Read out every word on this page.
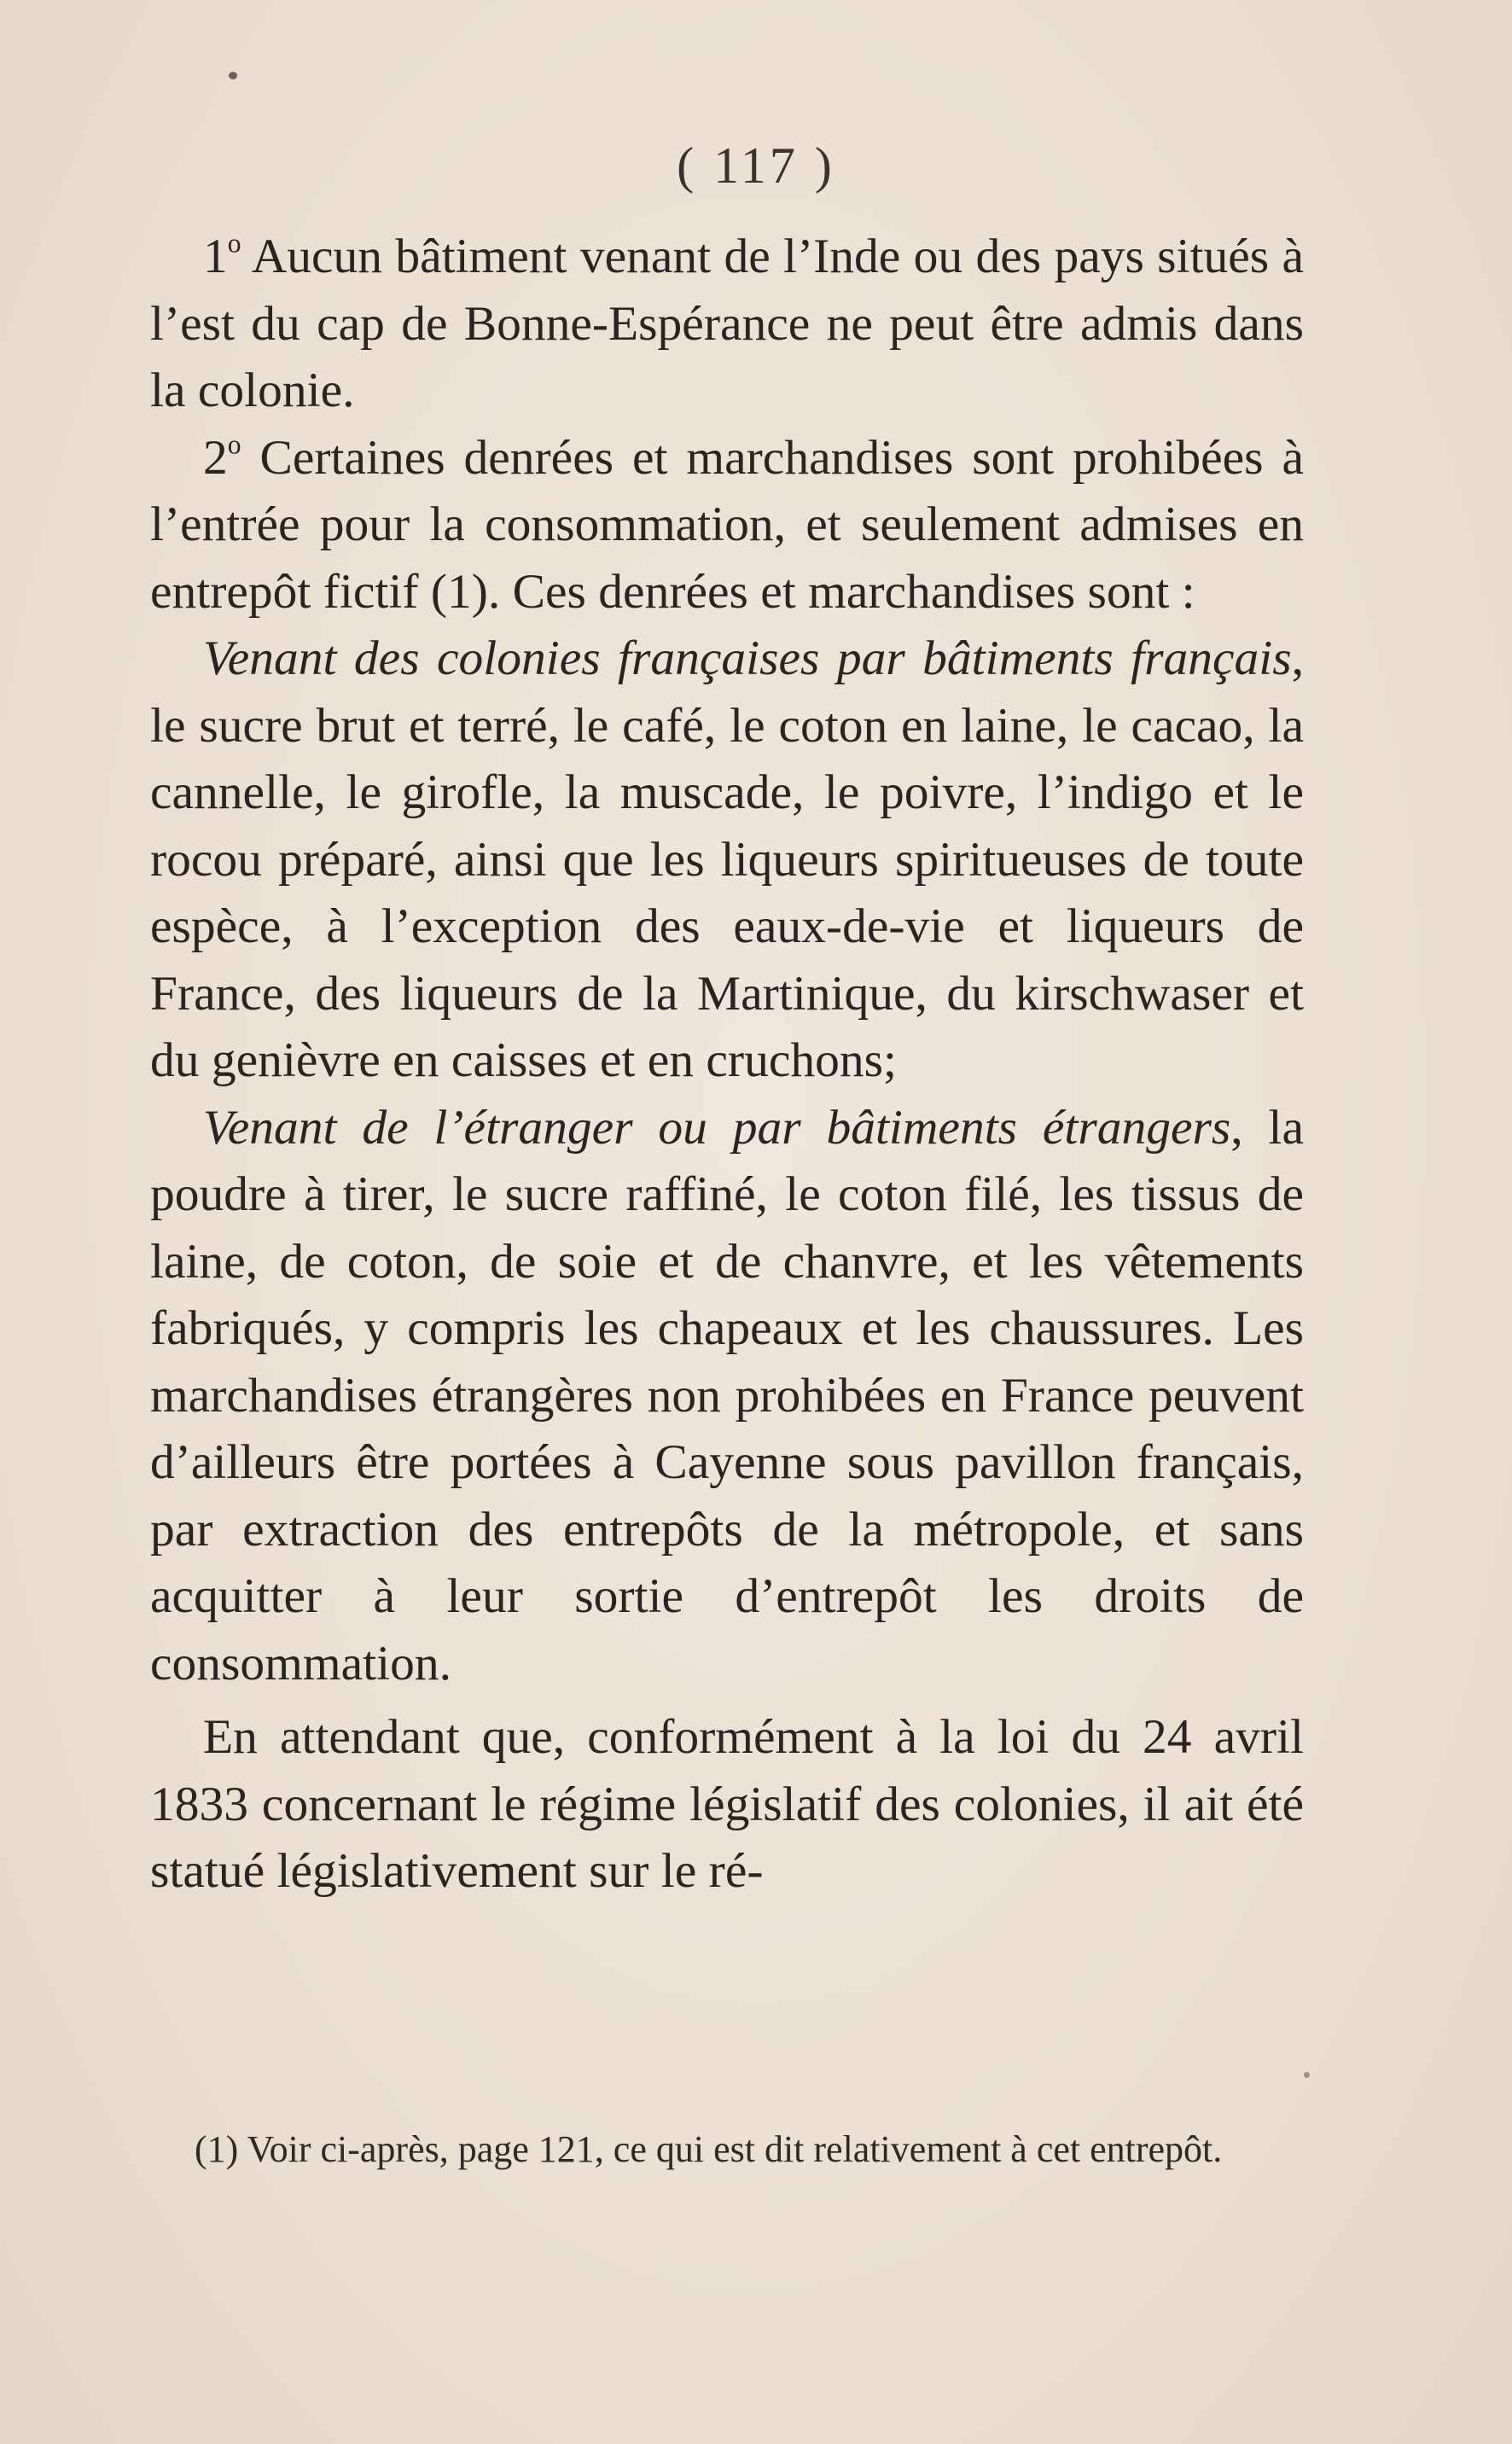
( 117 )

1$^o$ Aucun bâtiment venant de l’Inde ou des pays situés à l’est du cap de Bonne-Espérance ne peut être admis dans la colonie.

2$^o$ Certaines denrées et marchandises sont prohibées à l’entrée pour la consommation, et seulement admises en entrepôt fictif (1). Ces denrées et marchandises sont :

Venant des colonies françaises par bâtiments français, le sucre brut et terré, le café, le coton en laine, le cacao, la cannelle, le girofle, la muscade, le poivre, l’indigo et le rocou préparé, ainsi que les liqueurs spiritueuses de toute espèce, à l’exception des eaux-de-vie et liqueurs de France, des liqueurs de la Martinique, du kirschwaser et du genièvre en caisses et en cruchons;

Venant de l’étranger ou par bâtiments étrangers, la poudre à tirer, le sucre raffiné, le coton filé, les tissus de laine, de coton, de soie et de chanvre, et les vêtements fabriqués, y compris les chapeaux et les chaussures. Les marchandises étrangères non prohibées en France peuvent d’ailleurs être portées à Cayenne sous pavillon français, par extraction des entrepôts de la métropole, et sans acquitter à leur sortie d’entrepôt les droits de consommation.

En attendant que, conformément à la loi du 24 avril 1833 concernant le régime législatif des colonies, il ait été statué législativement sur le ré-

(1) Voir ci-après, page 121, ce qui est dit relativement à cet entrepôt.
